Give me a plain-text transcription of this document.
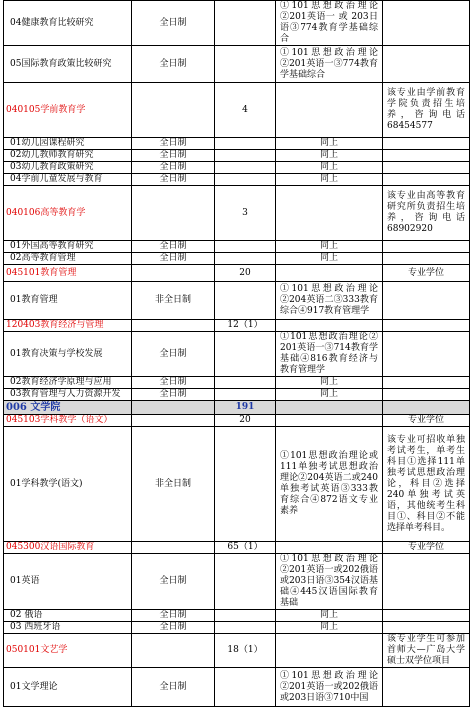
04健康教育比较研究	全日制		①101思想政治理论②201英语一 或 203日语③774教育学基础综合	
05国际教育政策比较研究	全日制		①101思想政治理论②201英语一③774教育学基础综合	
040105学前教育学		4		该专业由学前教育学院负责招生培养，咨询电话68454577
01幼儿园课程研究	全日制		同上	
02幼儿教师教育研究	全日制		同上	
03幼儿教育政策研究	全日制		同上	
04学前儿童发展与教育	全日制		同上	
040106高等教育学		3		该专业由高等教育研究所负责招生培养，咨询电话68902920
01外国高等教育研究	全日制		同上	
02高等教育管理	全日制		同上	
045101教育管理		20		专业学位
01教育管理	非全日制		①101思想政治理论②204英语二③333教育综合④917教育管理学	
120403教育经济与管理		12（1）		
01教育决策与学校发展	全日制		①101思想政治理论② 201英语一③714教育学基础④816教育经济与教育管理学	
02教育经济学原理与应用	全日制		同上	
03教育管理与人力资源开发	全日制		同上	
006 文学院		191		
045103学科教学（语文）		20		专业学位
01学科教学(语文)	非全日制		①101思想政治理论或111单独考试思想政治理论②204英语二或240单独考试英语③333教育综合④872语文专业素养	该专业可招收单独考试考生，单考生科目①选择111单独考试思想政治理论，科目②选择240单独考试英语，其他统考生科目①、科目②不能选择单考科目。
045300汉语国际教育		65（1）		专业学位
01英语	全日制		①101思想政治理论②201英语一或202俄语或203日语③354汉语基础④445汉语国际教育基础	
02 俄语	全日制		同上	
03 西班牙语	全日制		同上	
050101文艺学		18（1）		该专业学生可参加首师大—广岛大学硕士双学位项目
01文学理论	全日制		①101思想政治理论②201英语一或202俄语或203日语③710中国	
